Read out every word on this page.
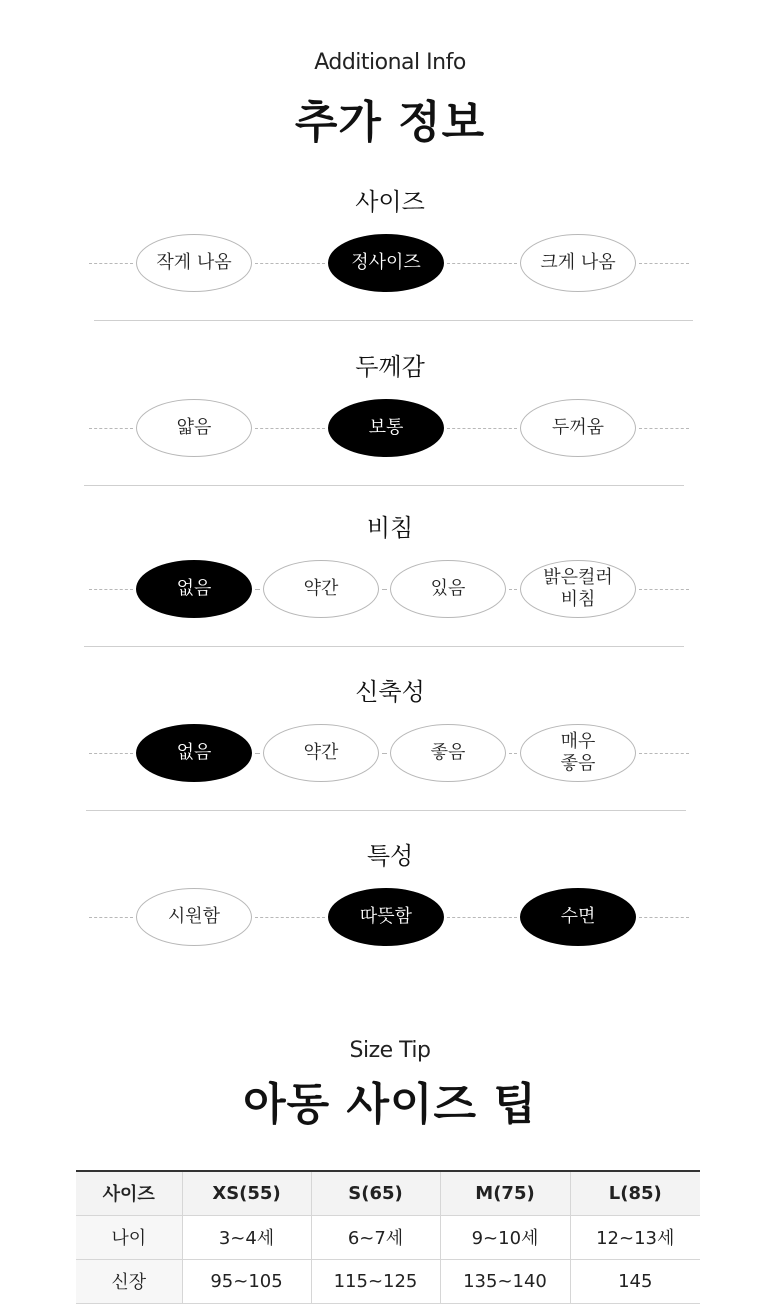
Additional Info
추가 정보
사이즈
작게 나옴	정사이즈	크게 나옴
두께감
얇음	보통	두꺼움
비침
없음	약간	있음
밝은컬러
비침
신축성
없음	약간	좋음
매우
좋음
특성
시원함	따뜻함	수면
Size Tip
아동 사이즈 팁
사이즈	XS(55)	S(65)	M(75)	L(85)
나이	3~4세	6~7세	9~10세	12~13세
신장	95~105	115~125	135~140	145
